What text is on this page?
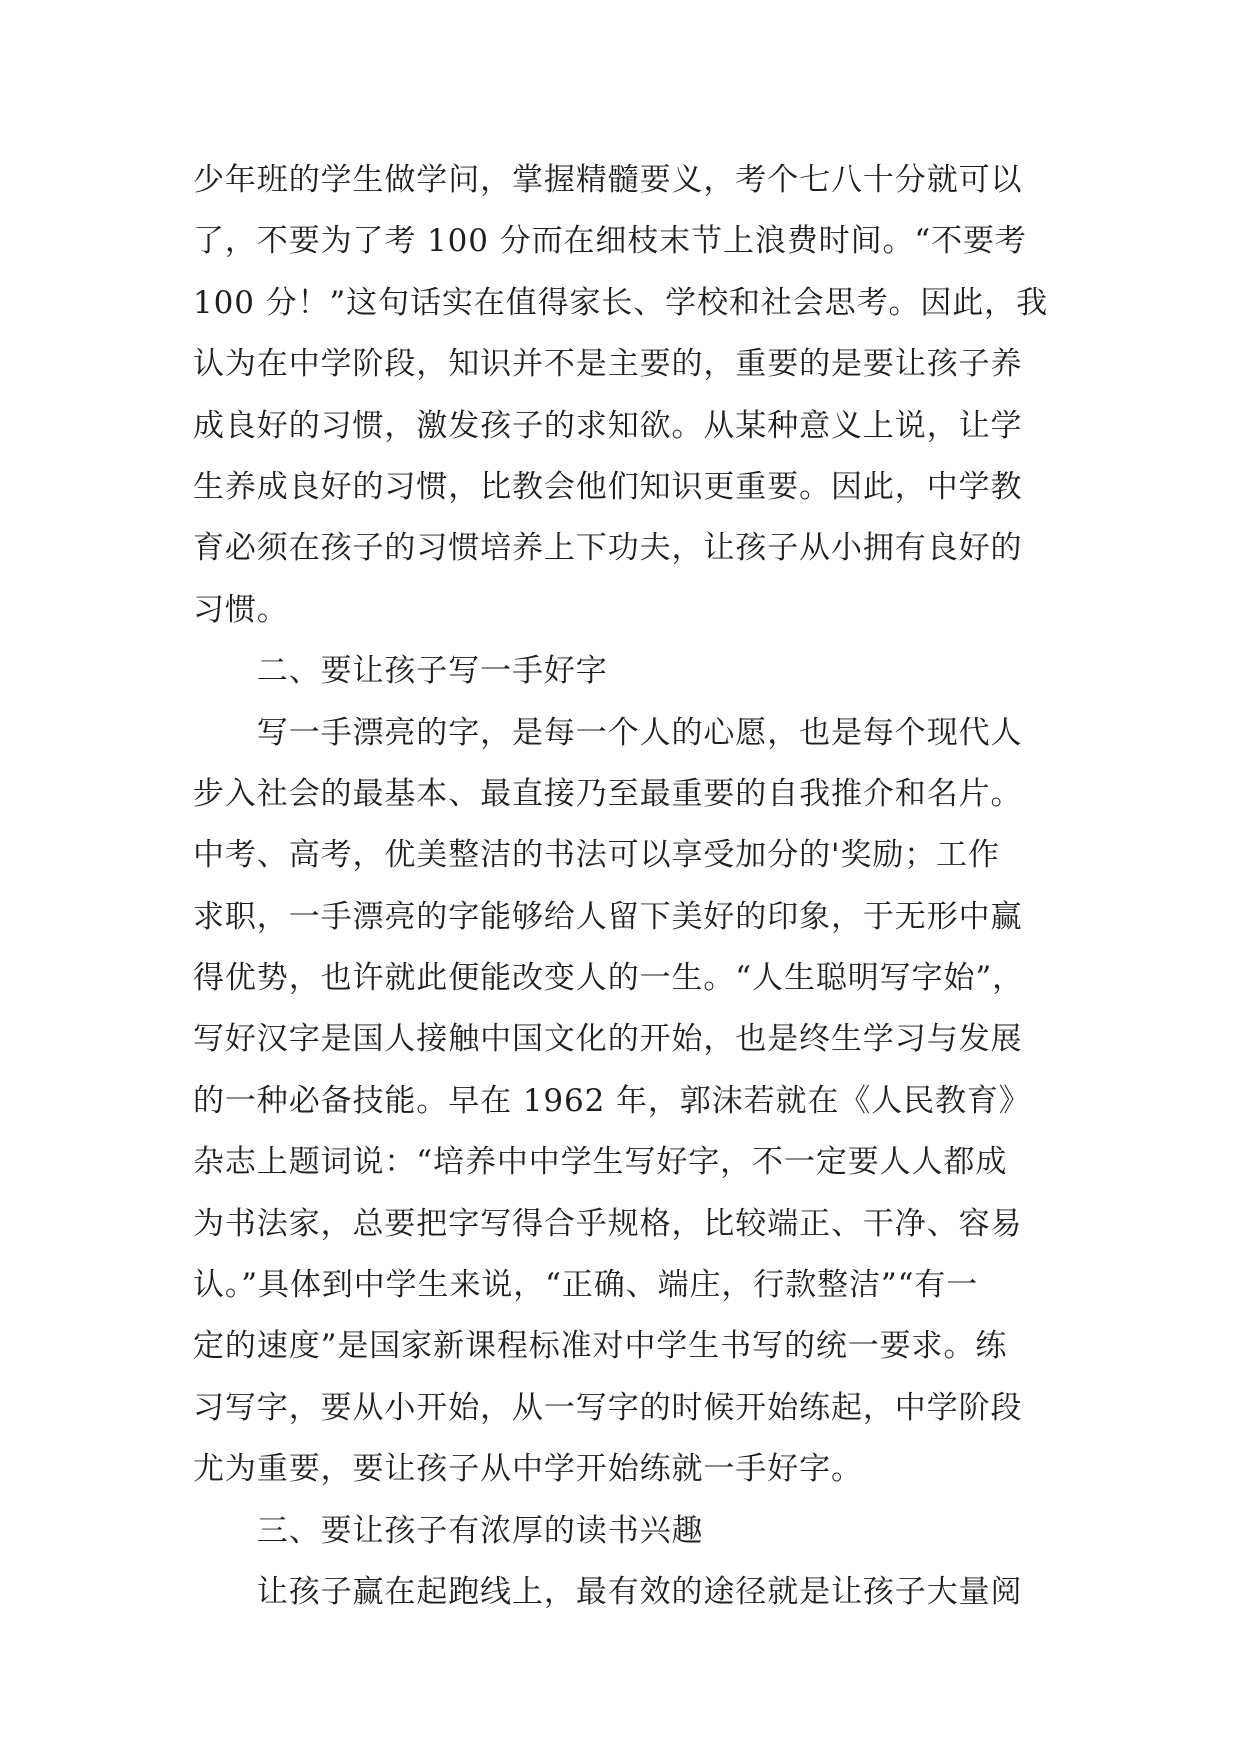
少年班的学生做学问，掌握精髓要义，考个七八十分就可以
了，不要为了考 100 分而在细枝末节上浪费时间。“不要考
100 分！”这句话实在值得家长、学校和社会思考。因此，我
认为在中学阶段，知识并不是主要的，重要的是要让孩子养
成良好的习惯，激发孩子的求知欲。从某种意义上说，让学
生养成良好的习惯，比教会他们知识更重要。因此，中学教
育必须在孩子的习惯培养上下功夫，让孩子从小拥有良好的
习惯。
　　二、要让孩子写一手好字
　　写一手漂亮的字，是每一个人的心愿，也是每个现代人
步入社会的最基本、最直接乃至最重要的自我推介和名片。
中考、高考，优美整洁的书法可以享受加分的'奖励；工作
求职，一手漂亮的字能够给人留下美好的印象，于无形中赢
得优势，也许就此便能改变人的一生。“人生聪明写字始”，
写好汉字是国人接触中国文化的开始，也是终生学习与发展
的一种必备技能。早在 1962 年，郭沫若就在《人民教育》
杂志上题词说：“培养中中学生写好字，不一定要人人都成
为书法家，总要把字写得合乎规格，比较端正、干净、容易
认。”具体到中学生来说，“正确、端庄，行款整洁”“有一
定的速度”是国家新课程标准对中学生书写的统一要求。练
习写字，要从小开始，从一写字的时候开始练起，中学阶段
尤为重要，要让孩子从中学开始练就一手好字。
　　三、要让孩子有浓厚的读书兴趣
　　让孩子赢在起跑线上，最有效的途径就是让孩子大量阅
